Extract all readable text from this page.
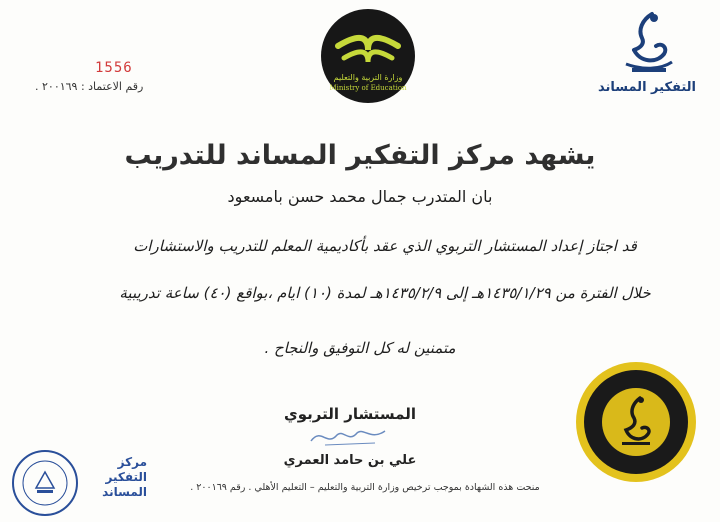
التفكير المساند
وزارة التربية والتعليم
Ministry of Education
1556
رقم الاعتماد : ٢٠٠١٦٩ .
يشهد مركز التفكير المساند للتدريب
بان المتدرب جمال محمد حسن بامسعود
قد اجتاز إعداد المستشار التربوي الذي عقد بأكاديمية المعلم للتدريب والاستشارات
خلال الفترة من ١٤٣٥/١/٢٩هـ إلى ١٤٣٥/٢/٩هـ لمدة (١٠) ايام ،بواقع (٤٠) ساعة تدريبية
متمنين له كل التوفيق والنجاح .
المستشار التربوي
علي بن حامد العمري
منحت هذه الشهادة بموجب ترخيص وزارة التربية والتعليم – التعليم الأهلي . رقم ٢٠٠١٦٩ .
مركز التفكير
المساند
